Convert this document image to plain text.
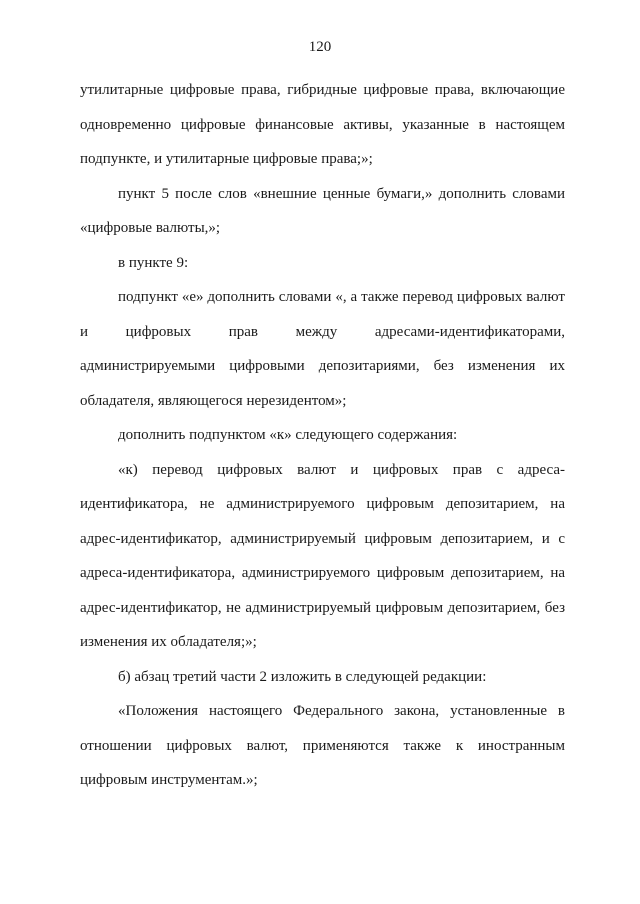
120

утилитарные цифровые права, гибридные цифровые права, включающие одновременно цифровые финансовые активы, указанные в настоящем подпункте, и утилитарные цифровые права;»;

пункт 5 после слов «внешние ценные бумаги,» дополнить словами «цифровые валюты,»;

в пункте 9:

подпункт «е» дополнить словами «, а также перевод цифровых валют и цифровых прав между адресами-идентификаторами, администрируемыми цифровыми депозитариями, без изменения их обладателя, являющегося нерезидентом»;

дополнить подпунктом «к» следующего содержания:

«к) перевод цифровых валют и цифровых прав с адреса-идентификатора, не администрируемого цифровым депозитарием, на адрес-идентификатор, администрируемый цифровым депозитарием, и с адреса-идентификатора, администрируемого цифровым депозитарием, на адрес-идентификатор, не администрируемый цифровым депозитарием, без изменения их обладателя;»;

б) абзац третий части 2 изложить в следующей редакции:

«Положения настоящего Федерального закона, установленные в отношении цифровых валют, применяются также к иностранным цифровым инструментам.»;
